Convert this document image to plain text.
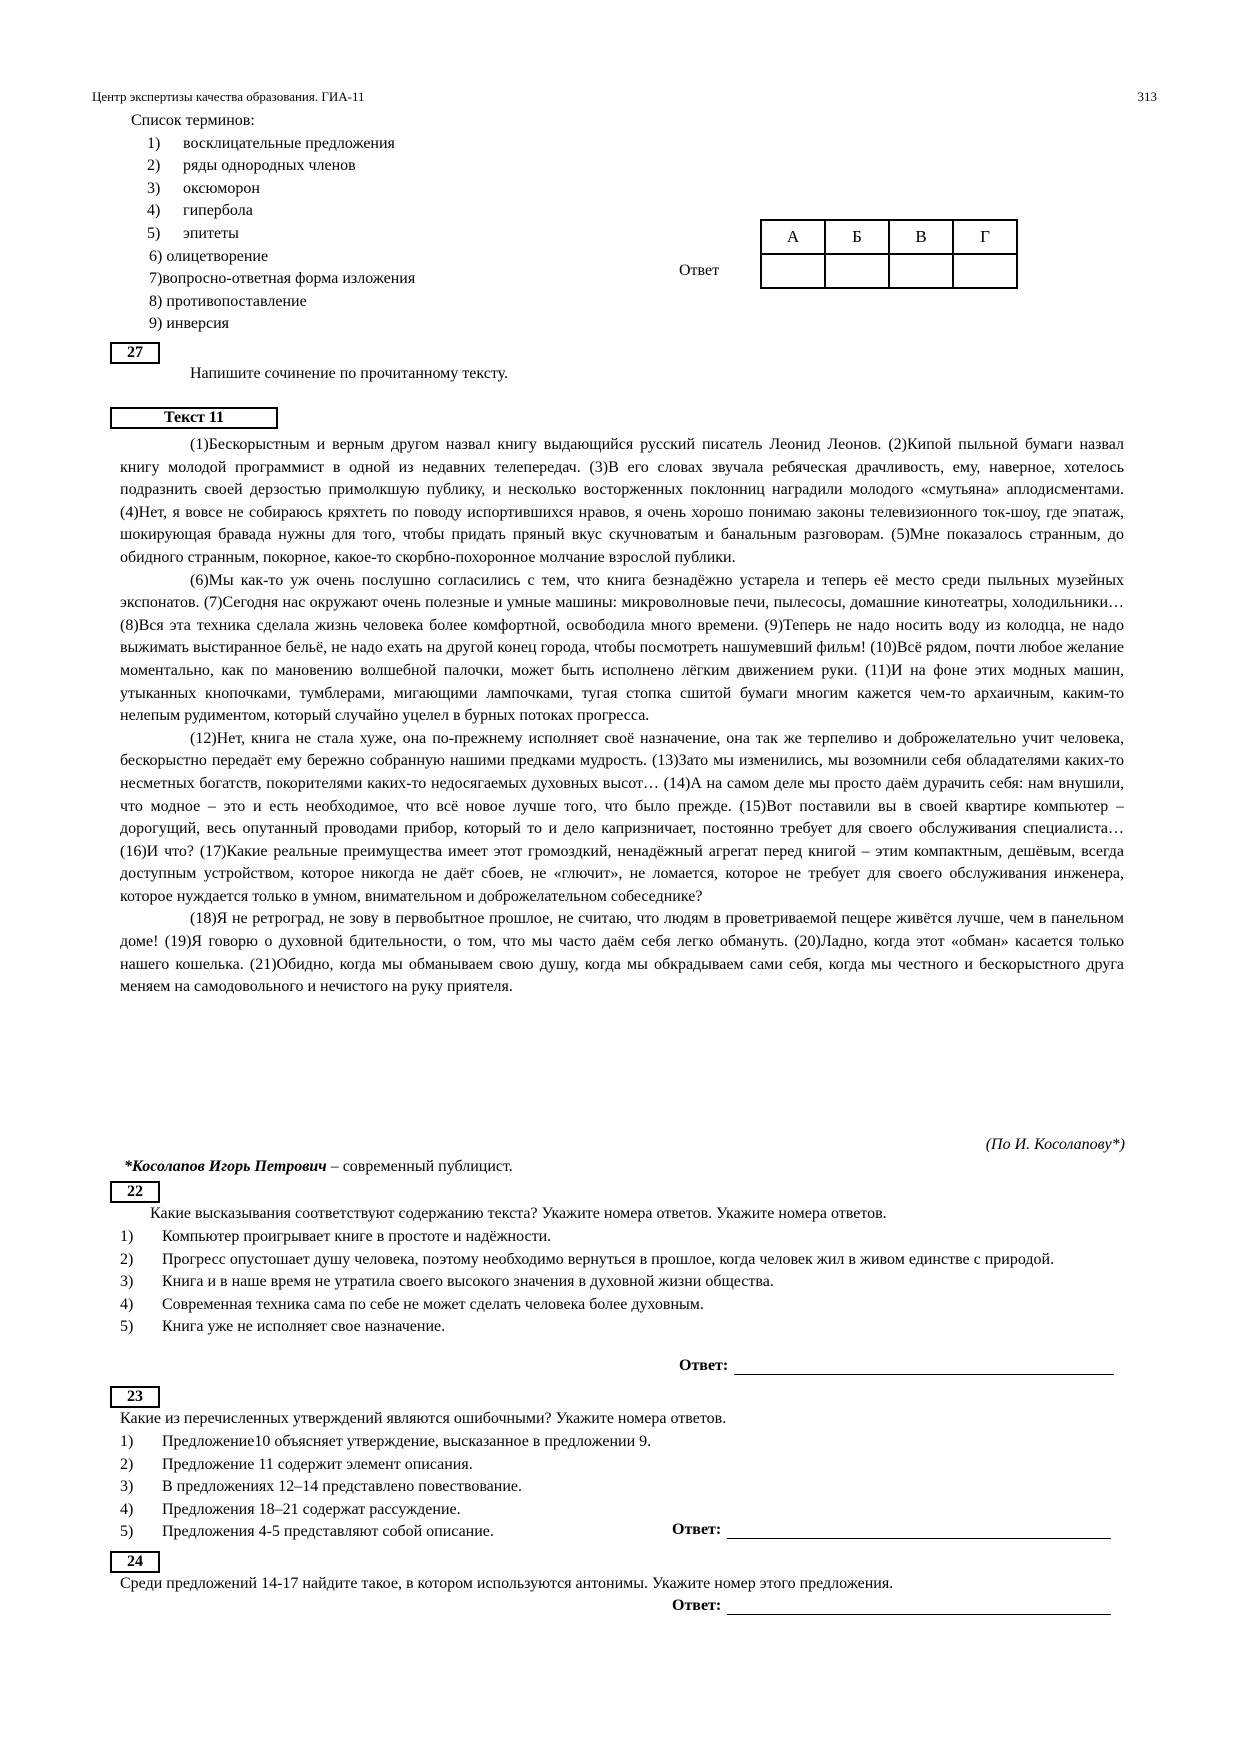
Центр экспертизы качества образования. ГИА-11	313
Список терминов:
1) восклицательные предложения
2) ряды однородных членов
3) оксюморон
4) гипербола
5) эпитеты
6) олицетворение
7)вопросно-ответная форма изложения
8) противопоставление
9) инверсия
Ответ
А	Б	В	Г

27
Напишите сочинение по прочитанному тексту.
Текст 11

(1)Бескорыстным и верным другом назвал книгу выдающийся русский писатель Леонид Леонов. (2)Кипой пыльной бумаги назвал книгу молодой программист в одной из недавних телепередач. (3)В его словах звучала ребяческая драчливость, ему, наверное, хотелось подразнить своей дерзостью примолкшую публику, и несколько восторженных поклонниц наградили молодого «смутьяна» аплодисментами. (4)Нет, я вовсе не собираюсь кряхтеть по поводу испортившихся нравов, я очень хорошо понимаю законы телевизионного ток-шоу, где эпатаж, шокирующая бравада нужны для того, чтобы придать пряный вкус скучноватым и банальным разговорам. (5)Мне показалось странным, до обидного странным, покорное, какое-то скорбно-похоронное молчание взрослой публики.

(6)Мы как-то уж очень послушно согласились с тем, что книга безнадёжно устарела и теперь её место среди пыльных музейных экспонатов. (7)Сегодня нас окружают очень полезные и умные машины: микроволновые печи, пылесосы, домашние кинотеатры, холодильники… (8)Вся эта техника сделала жизнь человека более комфортной, освободила много времени. (9)Теперь не надо носить воду из колодца, не надо выжимать выстиранное бельё, не надо ехать на другой конец города, чтобы посмотреть нашумевший фильм! (10)Всё рядом, почти любое желание моментально, как по мановению волшебной палочки, может быть исполнено лёгким движением руки. (11)И на фоне этих модных машин, утыканных кнопочками, тумблерами, мигающими лампочками, тугая стопка сшитой бумаги многим кажется чем-то архаичным, каким-то нелепым рудиментом, который случайно уцелел в бурных потоках прогресса.

(12)Нет, книга не стала хуже, она по-прежнему исполняет своё назначение, она так же терпеливо и доброжелательно учит человека, бескорыстно передаёт ему бережно собранную нашими предками мудрость. (13)Зато мы изменились, мы возомнили себя обладателями каких-то несметных богатств, покорителями каких-то недосягаемых духовных высот… (14)А на самом деле мы просто даём дурачить себя: нам внушили, что модное – это и есть необходимое, что всё новое лучше того, что было прежде. (15)Вот поставили вы в своей квартире компьютер – дорогущий, весь опутанный проводами прибор, который то и дело капризничает, постоянно требует для своего обслуживания специалиста… (16)И что? (17)Какие реальные преимущества имеет этот громоздкий, ненадёжный агрегат перед книгой – этим компактным, дешёвым, всегда доступным устройством, которое никогда не даёт сбоев, не «глючит», не ломается, которое не требует для своего обслуживания инженера, которое нуждается только в умном, внимательном и доброжелательном собеседнике?

(18)Я не ретроград, не зову в первобытное прошлое, не считаю, что людям в проветриваемой пещере живётся лучше, чем в панельном доме! (19)Я говорю о духовной бдительности, о том, что мы часто даём себя легко обмануть. (20)Ладно, когда этот «обман» касается только нашего кошелька. (21)Обидно, когда мы обманываем свою душу, когда мы обкрадываем сами себя, когда мы честного и бескорыстного друга меняем на самодовольного и нечистого на руку приятеля.

(По И. Косолапову*)
*Косолапов Игорь Петрович – современный публицист.
22
Какие высказывания соответствуют содержанию текста? Укажите номера ответов. Укажите номера ответов.
1)	Компьютер проигрывает книге в простоте и надёжности.
2)	Прогресс опустошает душу человека, поэтому необходимо вернуться в прошлое, когда человек жил в живом единстве с природой.
3)	Книга и в наше время не утратила своего высокого значения в духовной жизни общества.
4)	Современная техника сама по себе не может сделать человека более духовным.
5)	Книга уже не исполняет свое назначение.
Ответ:
23
Какие из перечисленных утверждений являются ошибочными? Укажите номера ответов.
1)	Предложение10 объясняет утверждение, высказанное в предложении 9.
2)	Предложение 11 содержит элемент описания.
3)	В предложениях 12–14 представлено повествование.
4)	Предложения 18–21 содержат рассуждение.
5)	Предложения 4-5 представляют собой описание.	Ответ:
24
Среди предложений 14-17 найдите такое, в котором используются антонимы. Укажите номер этого предложения.
Ответ:
